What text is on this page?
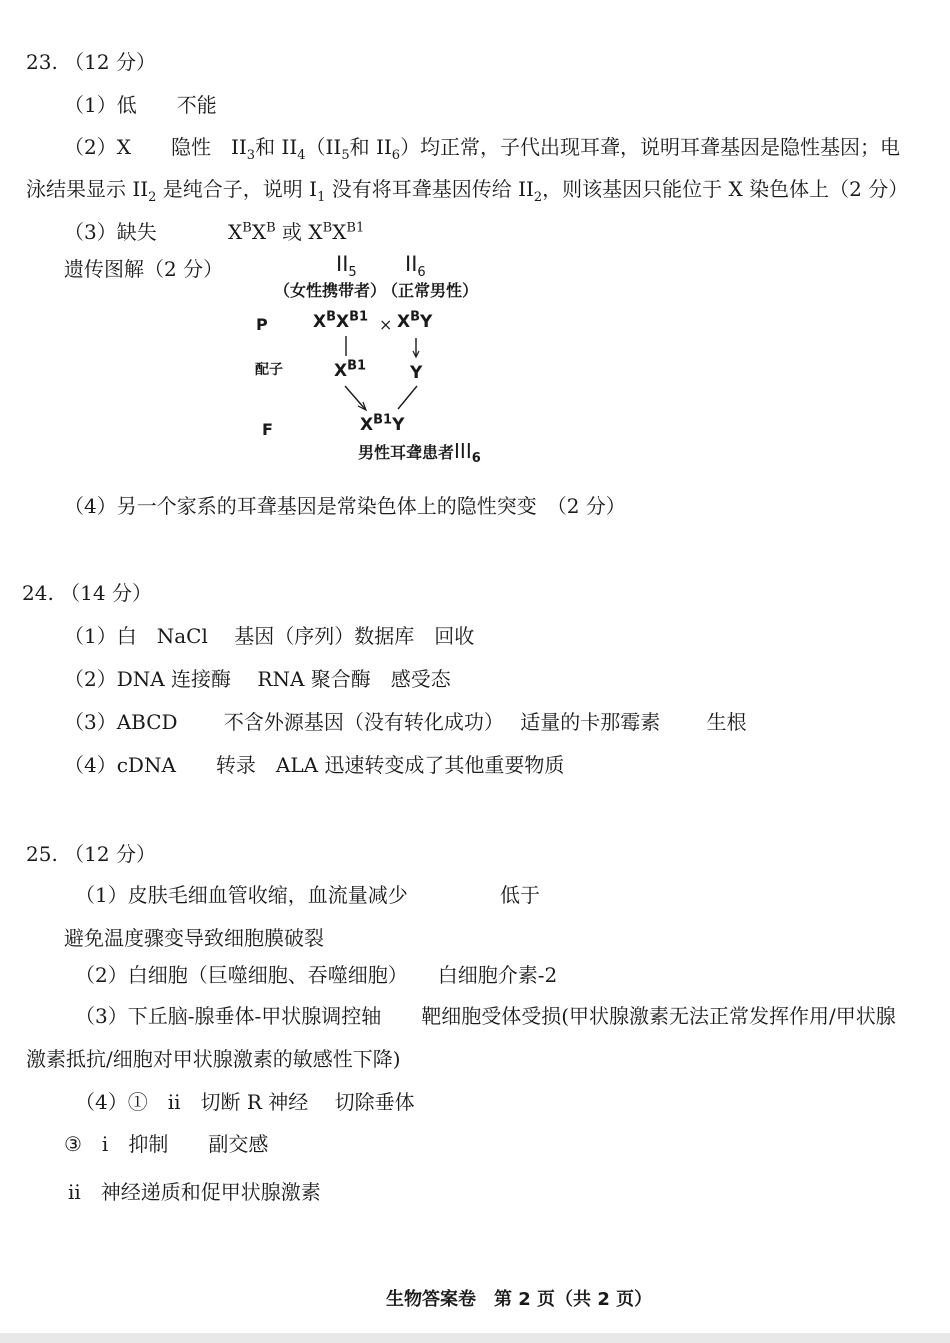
23. （12 分）
（1）低　　不能
（2）X　　隐性　$II_3$和 $II_4(II_5$和 $II_6$）均正常，子代出现耳聋，说明耳聋基因是隐性基因；电
泳结果显示 $II_2$ 是纯合子，说明 $I_1$ 没有将耳聋基因传给 $II_2$，则该基因只能位于 X 染色体上（2 分）
（3）缺失	$X^BX^B$ 或 $X^BX^{B1}$
遗传图解（2 分）	$II_5$ $II_6$
（女性携带者）
（正常男性）
P	$X^BX^{B1} \times X^BY$
配子	$X^{B1}$	Y
F	$X^{B1}Y$
男性耳聋患者$III_6$
（4）另一个家系的耳聋基因是常染色体上的隐性突变　（2 分）
24. （14 分）
（1）白　NaCl　 基因（序列）数据库　回收
（2）DNA 连接酶　 RNA 聚合酶　感受态
（3）ABCD　　 不含外源基因（没有转化成功）　 适量的卡那霉素　　 生根
（4）cDNA　　转录　ALA 迅速转变成了其他重要物质
25. （12 分）
（1）皮肤毛细血管收缩，血流量减少	低于
避免温度骤变导致细胞膜破裂
（2）白细胞（巨噬细胞、吞噬细胞）　　白细胞介素-2
（3）下丘脑-腺垂体-甲状腺调控轴　　靶细胞受体受损(甲状腺激素无法正常发挥作用/甲状腺
激素抵抗/细胞对甲状腺激素的敏感性下降)
（4）①　ii　切断 R 神经　 切除垂体
③　i　抑制　　副交感
ii　神经递质和促甲状腺激素
生物答案卷　第 2 页（共 2 页）
